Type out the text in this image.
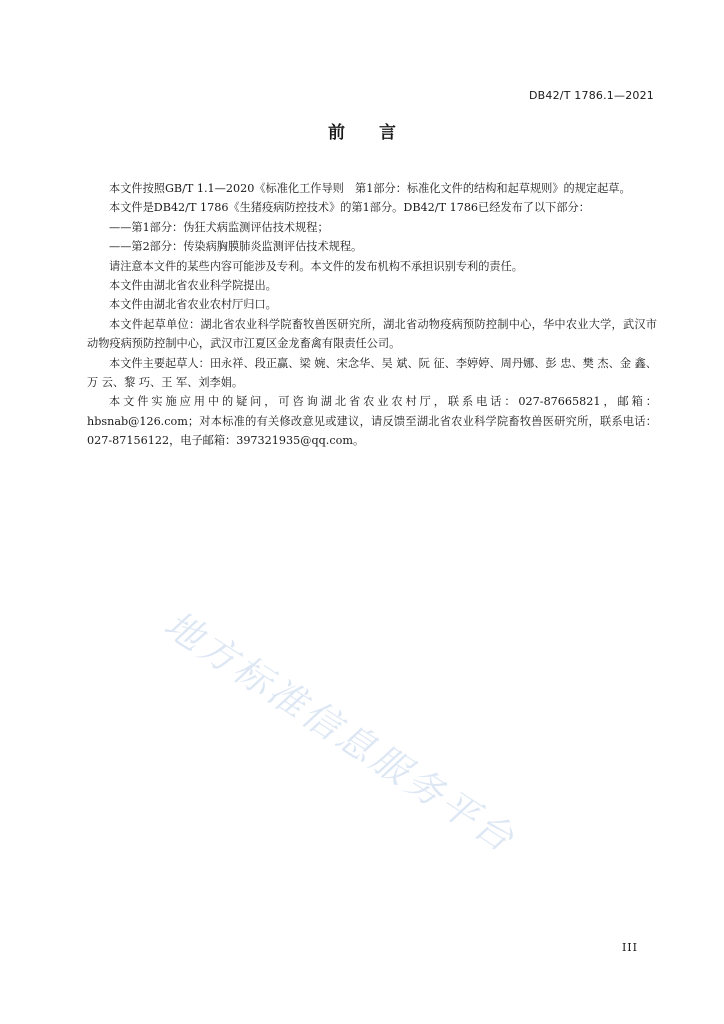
DB42/T 1786.1—2021
前 言

本文件按照GB/T 1.1—2020《标准化工作导则　第1部分：标准化文件的结构和起草规则》的规定起草。

本文件是DB42/T 1786《生猪疫病防控技术》的第1部分。DB42/T 1786已经发布了以下部分：

——第1部分：伪狂犬病监测评估技术规程；

——第2部分：传染病胸膜肺炎监测评估技术规程。

请注意本文件的某些内容可能涉及专利。本文件的发布机构不承担识别专利的责任。

本文件由湖北省农业科学院提出。

本文件由湖北省农业农村厅归口。

本文件起草单位：湖北省农业科学院畜牧兽医研究所，湖北省动物疫病预防控制中心，华中农业大学，武汉市动物疫病预防控制中心，武汉市江夏区金龙畜禽有限责任公司。

本文件主要起草人：田永祥、段正赢、梁 婉、宋念华、吴 斌、阮 征、李婷婷、周丹娜、彭 忠、樊 杰、金 鑫、万 云、黎 巧、王 军、刘李娟。

本文件实施应用中的疑问，可咨询湖北省农业农村厅，联系电话：027-87665821，邮箱：hbsnab@126.com；对本标准的有关修改意见或建议，请反馈至湖北省农业科学院畜牧兽医研究所，联系电话：027-87156122，电子邮箱：397321935@qq.com。

地方标准信息服务平台
III
